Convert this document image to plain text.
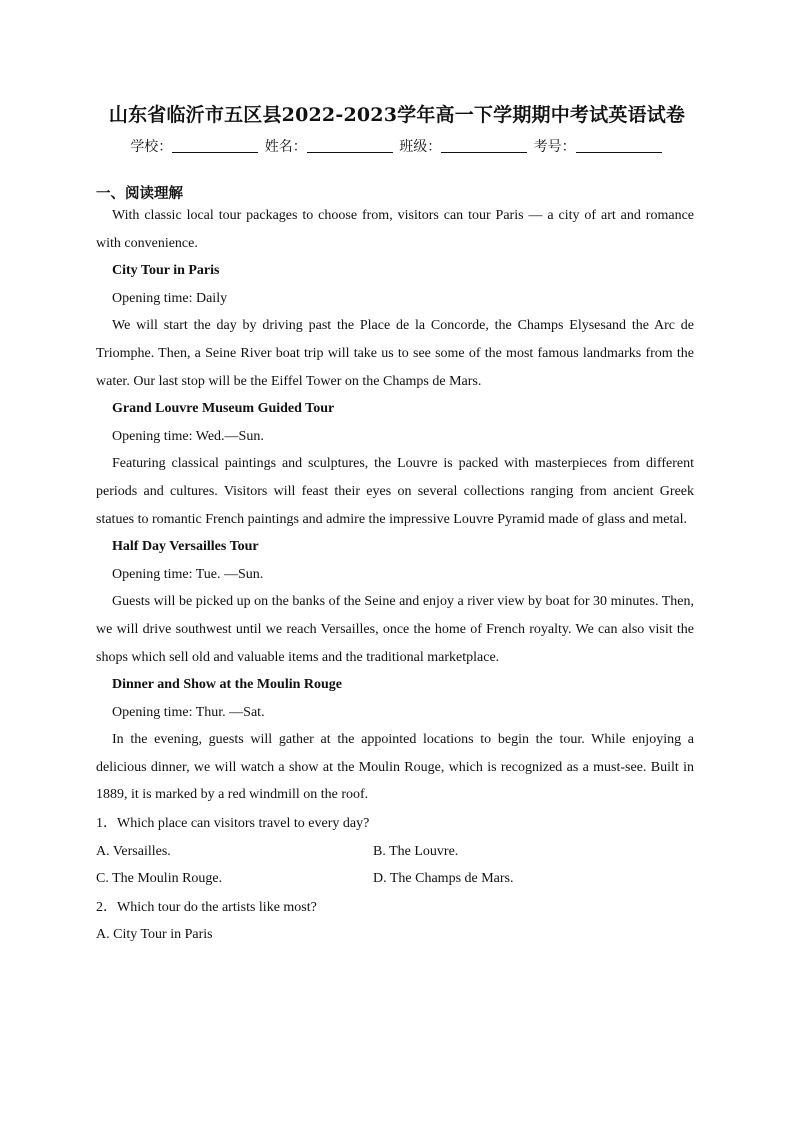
山东省临沂市五区县2022-2023学年高一下学期期中考试英语试卷
学校：	姓名：	班级：	考号：
一、阅读理解

With classic local tour packages to choose from, visitors can tour Paris — a city of art and romance with convenience.

City Tour in Paris

Opening time: Daily

We will start the day by driving past the Place de la Concorde, the Champs Elysesand the Arc de Triomphe. Then, a Seine River boat trip will take us to see some of the most famous landmarks from the water. Our last stop will be the Eiffel Tower on the Champs de Mars.

Grand Louvre Museum Guided Tour

Opening time: Wed.—Sun.

Featuring classical paintings and sculptures, the Louvre is packed with masterpieces from different periods and cultures. Visitors will feast their eyes on several collections ranging from ancient Greek statues to romantic French paintings and admire the impressive Louvre Pyramid made of glass and metal.

Half Day Versailles Tour

Opening time: Tue. —Sun.

Guests will be picked up on the banks of the Seine and enjoy a river view by boat for 30 minutes. Then, we will drive southwest until we reach Versailles, once the home of French royalty. We can also visit the shops which sell old and valuable items and the traditional marketplace.

Dinner and Show at the Moulin Rouge

Opening time: Thur. —Sat.

In the evening, guests will gather at the appointed locations to begin the tour. While enjoying a delicious dinner, we will watch a show at the Moulin Rouge, which is recognized as a must-see. Built in 1889, it is marked by a red windmill on the roof.

1．Which place can visitors travel to every day?

A. Versailles.	B. The Louvre.
C. The Moulin Rouge.	D. The Champs de Mars.

2．Which tour do the artists like most?

A. City Tour in Paris
